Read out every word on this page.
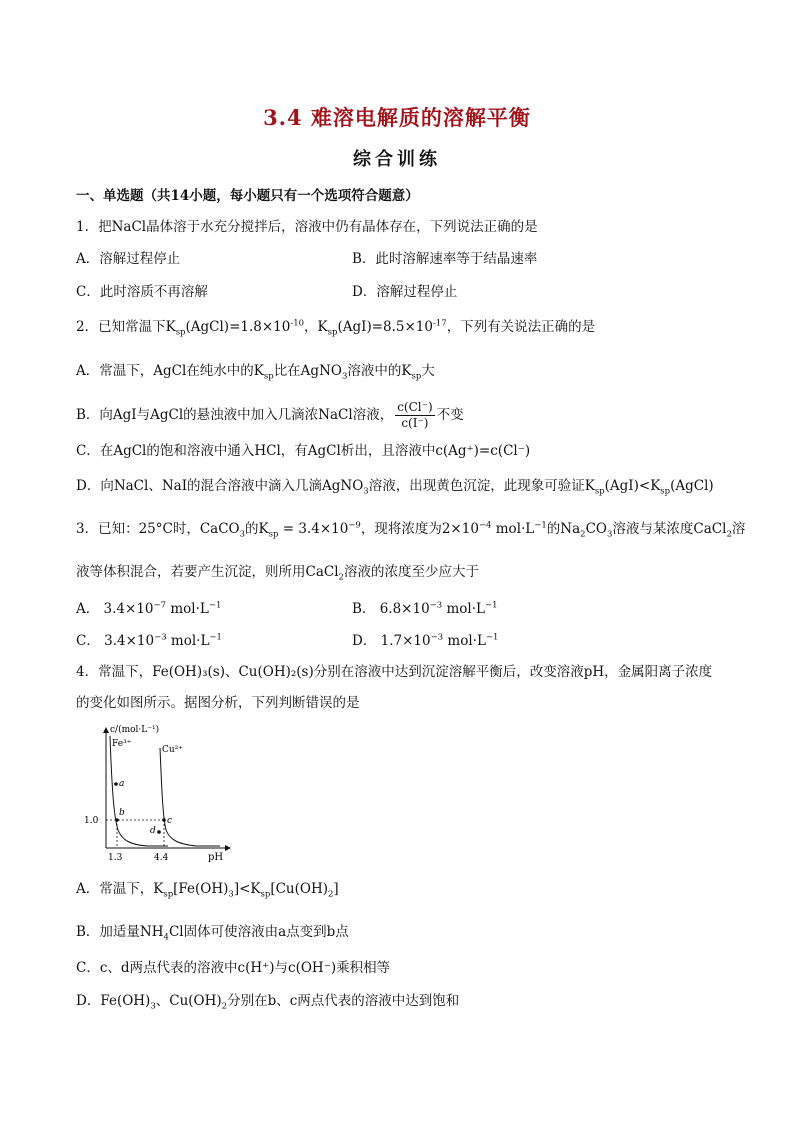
3.4 难溶电解质的溶解平衡
综合训练
一、单选题（共14小题，每小题只有一个选项符合题意）
1．把NaCl晶体溶于水充分搅拌后，溶液中仍有晶体存在，下列说法正确的是
A．溶解过程停止	B．此时溶解速率等于结晶速率
C．此时溶质不再溶解	D．溶解过程停止
2．已知常温下$K_{sp}(AgCl)=1.8\times 10^{-10}$，$K_{sp}(AgI)=8.5\times 10^{-17}$，下列有关说法正确的是
A．常温下，AgCl在纯水中的$K_{sp}$比在AgNO$_3$溶液中的$K_{sp}$大
B．向AgI与AgCl的悬浊液中加入几滴浓NaCl溶液， $\frac{c(Cl^-)}{c(I^-)}$ 不变
C．在AgCl的饱和溶液中通入HCl，有AgCl析出，且溶液中c(Ag⁺)=c(Cl⁻)
D．向NaCl、NaI的混合溶液中滴入几滴AgNO$_3$溶液，出现黄色沉淀，此现象可验证$K_{sp}(AgI)<K_{sp}(AgCl)$
3．已知：25°C时，CaCO$_3$的$K_{sp} = 3.4\times 10^{-9}$，现将浓度为$2\times 10^{-4}$ $mol\cdot L^{-1}$的$Na_2CO_3$溶液与某浓度CaCl$_2$溶
液等体积混合，若要产生沉淀，则所用CaCl$_2$溶液的浓度至少应大于
A． $3.4\times 10^{-7}$ $mol\cdot L^{-1}$	B． $6.8\times 10^{-3}$ $mol\cdot L^{-1}$
C． $3.4\times 10^{-3}$ $mol\cdot L^{-1}$	D． $1.7\times 10^{-3}$ $mol\cdot L^{-1}$
4．常温下，Fe(OH)₃(s)、Cu(OH)₂(s)分别在溶液中达到沉淀溶解平衡后，改变溶液pH，金属阳离子浓度
的变化如图所示。据图分析，下列判断错误的是
c/(mol·L⁻¹)
pH
1.3	4.4
1.0
Fe³⁺
Cu²⁺
a
b
c
d
A．常温下，$K_{sp}[Fe(OH)_3]<K_{sp}[Cu(OH)_2]$
B．加适量$NH_4Cl$固体可使溶液由a点变到b点
C．c、d两点代表的溶液中c(H⁺)与c(OH⁻)乘积相等
D．$Fe(OH)_3$、$Cu(OH)_2$分别在b、c两点代表的溶液中达到饱和
